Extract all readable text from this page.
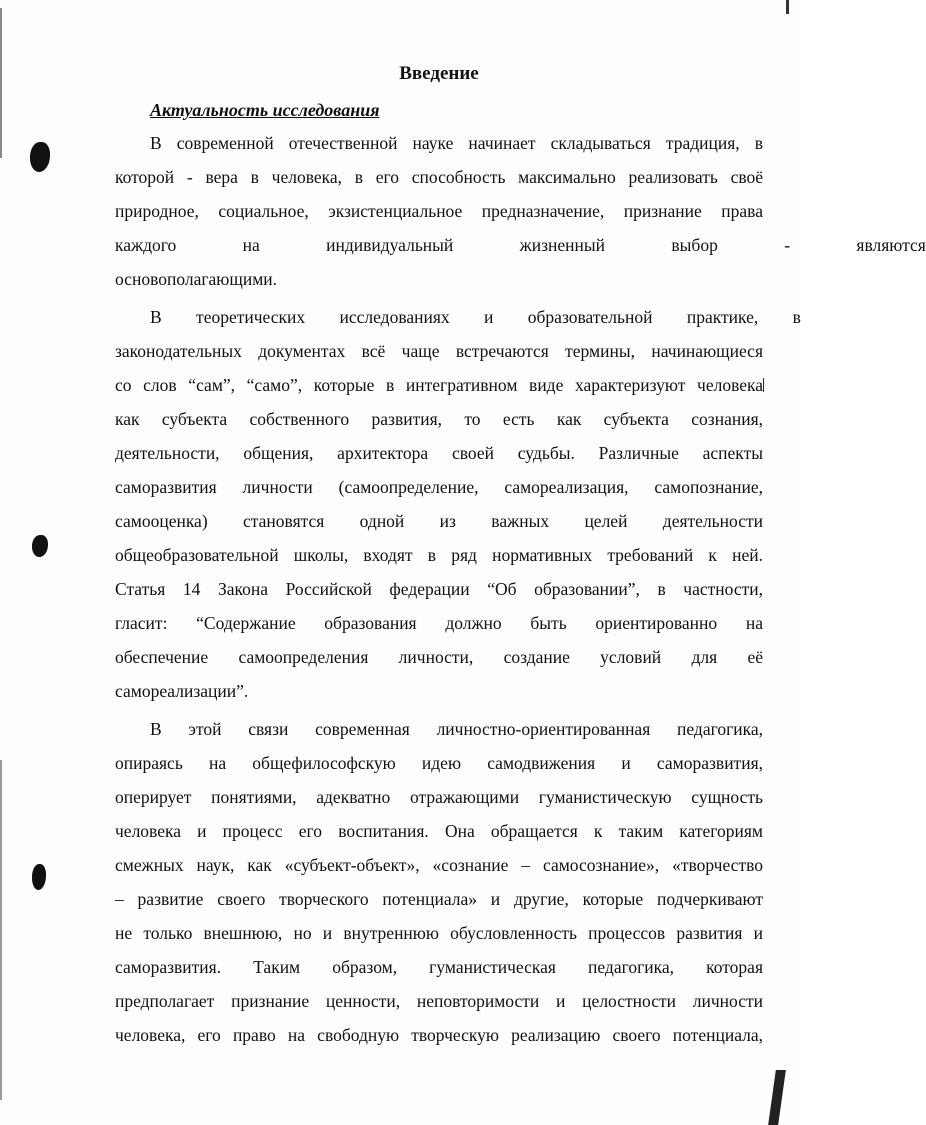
Введение
Актуальность исследования
В современной отечественной науке начинает складываться традиция, в
которой - вера в человека, в его способность максимально реализовать своё
природное, социальное, экзистенциальное предназначение, признание права
каждого на индивидуальный жизненный выбор - являются
основополагающими.
В теоретических исследованиях и образовательной практике, в
законодательных документах всё чаще встречаются термины, начинающиеся
со слов “сам”, “само”, которые в интегративном виде характеризуют человека
как субъекта собственного развития, то есть как субъекта сознания,
деятельности, общения, архитектора своей судьбы. Различные аспекты
саморазвития личности (самоопределение, самореализация, самопознание,
самооценка) становятся одной из важных целей деятельности
общеобразовательной школы, входят в ряд нормативных требований к ней.
Статья 14 Закона Российской федерации “Об образовании”, в частности,
гласит: “Содержание образования должно быть ориентированно на
обеспечение самоопределения личности, создание условий для её
самореализации”.
В этой связи современная личностно-ориентированная педагогика,
опираясь на общефилософскую идею самодвижения и саморазвития,
оперирует понятиями, адекватно отражающими гуманистическую сущность
человека и процесс его воспитания. Она обращается к таким категориям
смежных наук, как «субъект-объект», «сознание – самосознание», «творчество
– развитие своего творческого потенциала» и другие, которые подчеркивают
не только внешнюю, но и внутреннюю обусловленность процессов развития и
саморазвития. Таким образом, гуманистическая педагогика, которая
предполагает признание ценности, неповторимости и целостности личности
человека, его право на свободную творческую реализацию своего потенциала,
